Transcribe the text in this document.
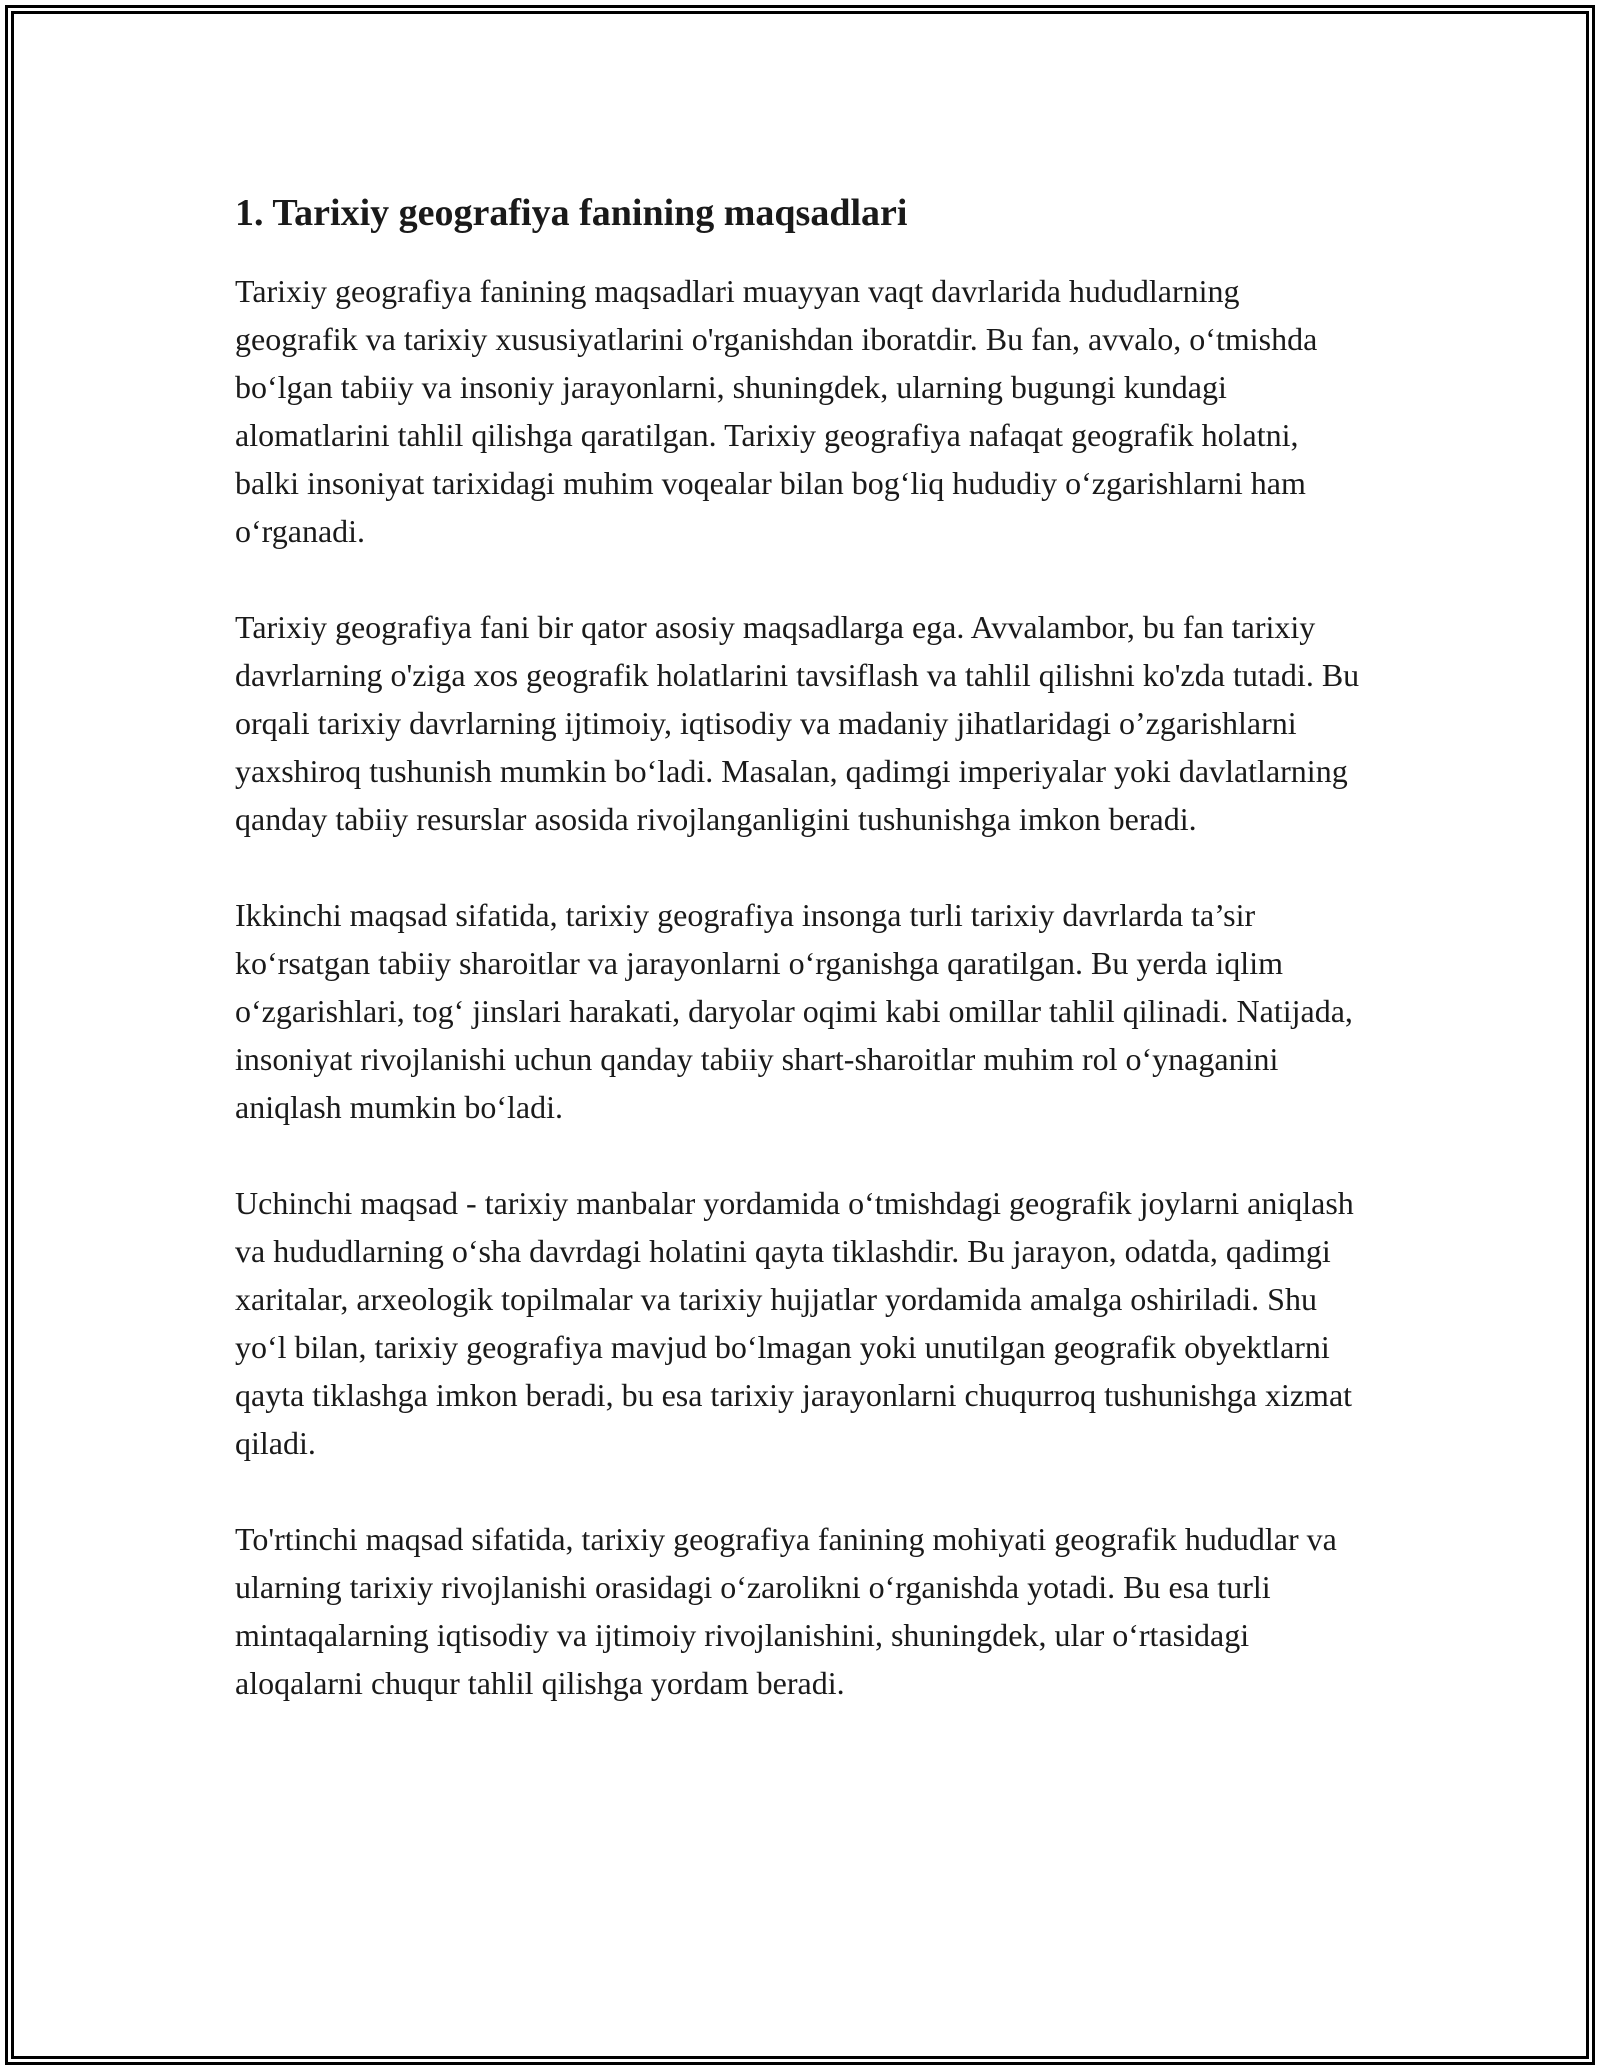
1. Tarixiy geografiya fanining maqsadlari

Tarixiy geografiya fanining maqsadlari muayyan vaqt davrlarida hududlarning geografik va tarixiy xususiyatlarini o'rganishdan iboratdir. Bu fan, avvalo, oʻtmishda boʻlgan tabiiy va insoniy jarayonlarni, shuningdek, ularning bugungi kundagi alomatlarini tahlil qilishga qaratilgan. Tarixiy geografiya nafaqat geografik holatni, balki insoniyat tarixidagi muhim voqealar bilan bogʻliq hududiy oʻzgarishlarni ham oʻrganadi.

Tarixiy geografiya fani bir qator asosiy maqsadlarga ega. Avvalambor, bu fan tarixiy davrlarning o'ziga xos geografik holatlarini tavsiflash va tahlil qilishni ko'zda tutadi. Bu orqali tarixiy davrlarning ijtimoiy, iqtisodiy va madaniy jihatlaridagi o’zgarishlarni yaxshiroq tushunish mumkin boʻladi. Masalan, qadimgi imperiyalar yoki davlatlarning qanday tabiiy resurslar asosida rivojlanganligini tushunishga imkon beradi.

Ikkinchi maqsad sifatida, tarixiy geografiya insonga turli tarixiy davrlarda ta’sir koʻrsatgan tabiiy sharoitlar va jarayonlarni oʻrganishga qaratilgan. Bu yerda iqlim oʻzgarishlari, togʻ jinslari harakati, daryolar oqimi kabi omillar tahlil qilinadi. Natijada, insoniyat rivojlanishi uchun qanday tabiiy shart-sharoitlar muhim rol oʻynaganini aniqlash mumkin boʻladi.

Uchinchi maqsad - tarixiy manbalar yordamida oʻtmishdagi geografik joylarni aniqlash va hududlarning oʻsha davrdagi holatini qayta tiklashdir. Bu jarayon, odatda, qadimgi xaritalar, arxeologik topilmalar va tarixiy hujjatlar yordamida amalga oshiriladi. Shu yoʻl bilan, tarixiy geografiya mavjud boʻlmagan yoki unutilgan geografik obyektlarni qayta tiklashga imkon beradi, bu esa tarixiy jarayonlarni chuqurroq tushunishga xizmat qiladi.

To'rtinchi maqsad sifatida, tarixiy geografiya fanining mohiyati geografik hududlar va ularning tarixiy rivojlanishi orasidagi oʻzarolikni oʻrganishda yotadi. Bu esa turli mintaqalarning iqtisodiy va ijtimoiy rivojlanishini, shuningdek, ular oʻrtasidagi aloqalarni chuqur tahlil qilishga yordam beradi.
